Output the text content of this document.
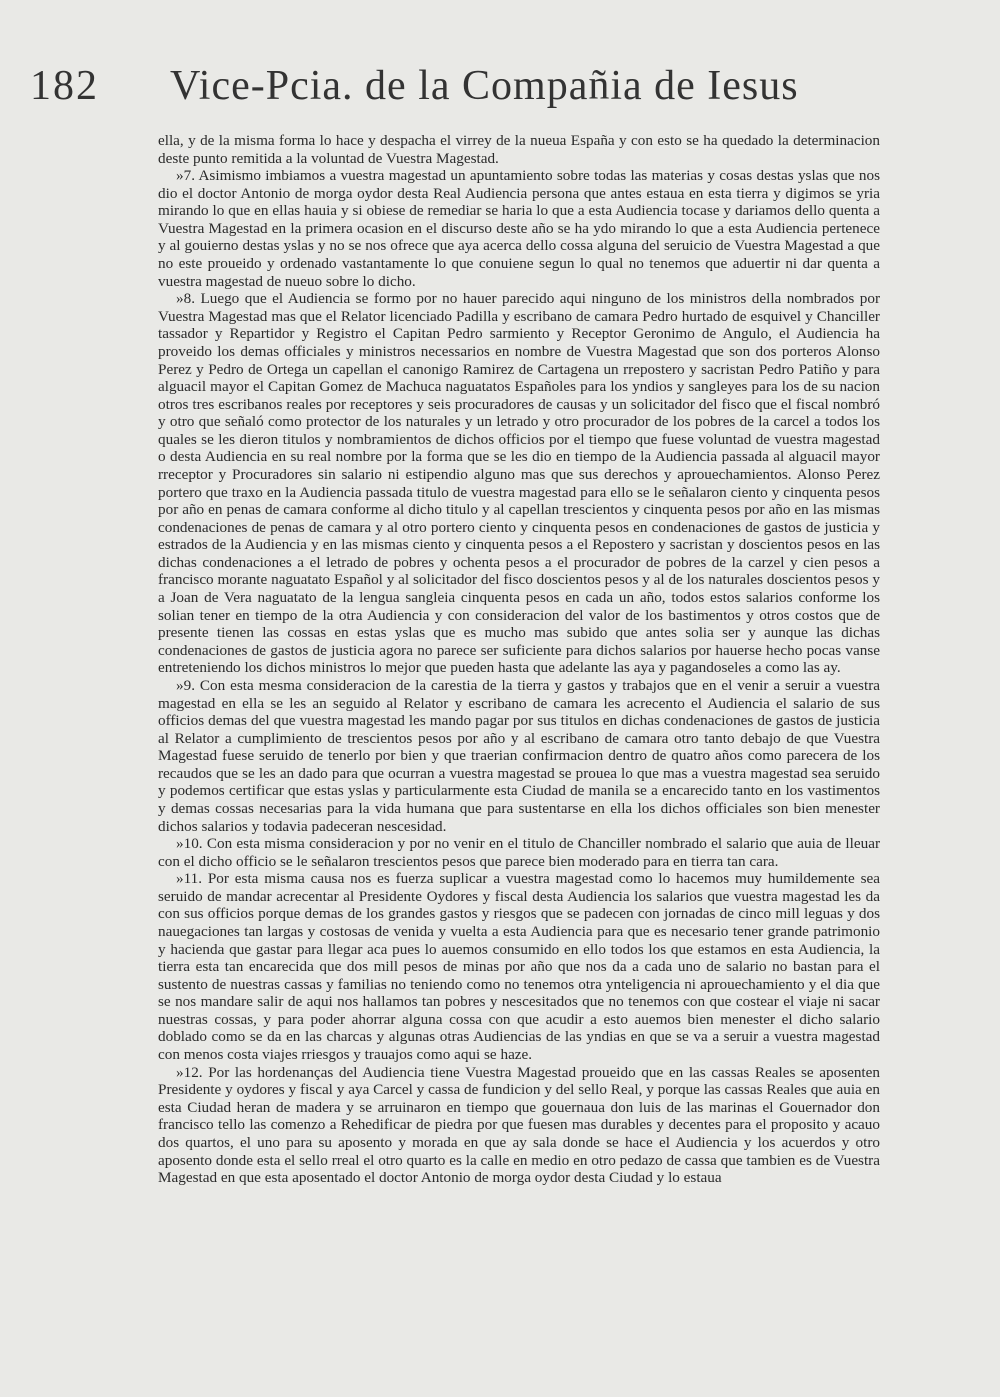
182 Vice-Pcia. de la Compañia de Iesus

ella, y de la misma forma lo hace y despacha el virrey de la nueua España y con esto se ha quedado la determinacion deste punto remitida a la voluntad de Vuestra Magestad.

»7. Asimismo imbiamos a vuestra magestad un apuntamiento sobre todas las materias y cosas destas yslas que nos dio el doctor Antonio de morga oydor desta Real Audiencia persona que antes estaua en esta tierra y digimos se yria mirando lo que en ellas hauia y si obiese de remediar se haria lo que a esta Audiencia tocase y dariamos dello quenta a Vuestra Magestad en la primera ocasion en el discurso deste año se ha ydo mirando lo que a esta Audiencia pertenece y al gouierno destas yslas y no se nos ofrece que aya acerca dello cossa alguna del seruicio de Vuestra Magestad a que no este proueido y ordenado vastantamente lo que conuiene segun lo qual no tenemos que aduertir ni dar quenta a vuestra magestad de nueuo sobre lo dicho.

»8. Luego que el Audiencia se formo por no hauer parecido aqui ninguno de los ministros della nombrados por Vuestra Magestad mas que el Relator licenciado Padilla y escribano de camara Pedro hurtado de esquivel y Chanciller tassador y Repartidor y Registro el Capitan Pedro sarmiento y Receptor Geronimo de Angulo, el Audiencia ha proveido los demas officiales y ministros necessarios en nombre de Vuestra Magestad que son dos porteros Alonso Perez y Pedro de Ortega un capellan el canonigo Ramirez de Cartagena un rrepostero y sacristan Pedro Patiño y para alguacil mayor el Capitan Gomez de Machuca naguatatos Españoles para los yndios y sangleyes para los de su nacion otros tres escribanos reales por receptores y seis procuradores de causas y un solicitador del fisco que el fiscal nombró y otro que señaló como protector de los naturales y un letrado y otro procurador de los pobres de la carcel a todos los quales se les dieron titulos y nombramientos de dichos officios por el tiempo que fuese voluntad de vuestra magestad o desta Audiencia en su real nombre por la forma que se les dio en tiempo de la Audiencia passada al alguacil mayor rreceptor y Procuradores sin salario ni estipendio alguno mas que sus derechos y aprouechamientos. Alonso Perez portero que traxo en la Audiencia passada titulo de vuestra magestad para ello se le señalaron ciento y cinquenta pesos por año en penas de camara conforme al dicho titulo y al capellan trescientos y cinquenta pesos por año en las mismas condenaciones de penas de camara y al otro portero ciento y cinquenta pesos en condenaciones de gastos de justicia y estrados de la Audiencia y en las mismas ciento y cinquenta pesos a el Repostero y sacristan y doscientos pesos en las dichas condenaciones a el letrado de pobres y ochenta pesos a el procurador de pobres de la carzel y cien pesos a francisco morante naguatato Español y al solicitador del fisco doscientos pesos y al de los naturales doscientos pesos y a Joan de Vera naguatato de la lengua sangleia cinquenta pesos en cada un año, todos estos salarios conforme los solian tener en tiempo de la otra Audiencia y con consideracion del valor de los bastimentos y otros costos que de presente tienen las cossas en estas yslas que es mucho mas subido que antes solia ser y aunque las dichas condenaciones de gastos de justicia agora no parece ser suficiente para dichos salarios por hauerse hecho pocas vanse entreteniendo los dichos ministros lo mejor que pueden hasta que adelante las aya y pagandoseles a como las ay.

»9. Con esta mesma consideracion de la carestia de la tierra y gastos y trabajos que en el venir a seruir a vuestra magestad en ella se les an seguido al Relator y escribano de camara les acrecento el Audiencia el salario de sus officios demas del que vuestra magestad les mando pagar por sus titulos en dichas condenaciones de gastos de justicia al Relator a cumplimiento de trescientos pesos por año y al escribano de camara otro tanto debajo de que Vuestra Magestad fuese seruido de tenerlo por bien y que traerian confirmacion dentro de quatro años como parecera de los recaudos que se les an dado para que ocurran a vuestra magestad se prouea lo que mas a vuestra magestad sea seruido y podemos certificar que estas yslas y particularmente esta Ciudad de manila se a encarecido tanto en los vastimentos y demas cossas necesarias para la vida humana que para sustentarse en ella los dichos officiales son bien menester dichos salarios y todavia padeceran nescesidad.

»10. Con esta misma consideracion y por no venir en el titulo de Chanciller nombrado el salario que auia de lleuar con el dicho officio se le señalaron trescientos pesos que parece bien moderado para en tierra tan cara.

»11. Por esta misma causa nos es fuerza suplicar a vuestra magestad como lo hacemos muy humildemente sea seruido de mandar acrecentar al Presidente Oydores y fiscal desta Audiencia los salarios que vuestra magestad les da con sus officios porque demas de los grandes gastos y riesgos que se padecen con jornadas de cinco mill leguas y dos nauegaciones tan largas y costosas de venida y vuelta a esta Audiencia para que es necesario tener grande patrimonio y hacienda que gastar para llegar aca pues lo auemos consumido en ello todos los que estamos en esta Audiencia, la tierra esta tan encarecida que dos mill pesos de minas por año que nos da a cada uno de salario no bastan para el sustento de nuestras cassas y familias no teniendo como no tenemos otra ynteligencia ni aprouechamiento y el dia que se nos mandare salir de aqui nos hallamos tan pobres y nescesitados que no tenemos con que costear el viaje ni sacar nuestras cossas, y para poder ahorrar alguna cossa con que acudir a esto auemos bien menester el dicho salario doblado como se da en las charcas y algunas otras Audiencias de las yndias en que se va a seruir a vuestra magestad con menos costa viajes rriesgos y trauajos como aqui se haze.

»12. Por las hordenanças del Audiencia tiene Vuestra Magestad proueido que en las cassas Reales se aposenten Presidente y oydores y fiscal y aya Carcel y cassa de fundicion y del sello Real, y porque las cassas Reales que auia en esta Ciudad heran de madera y se arruinaron en tiempo que gouernaua don luis de las marinas el Gouernador don francisco tello las comenzo a Rehedificar de piedra por que fuesen mas durables y decentes para el proposito y acauo dos quartos, el uno para su aposento y morada en que ay sala donde se hace el Audiencia y los acuerdos y otro aposento donde esta el sello rreal el otro quarto es la calle en medio en otro pedazo de cassa que tambien es de Vuestra Magestad en que esta aposentado el doctor Antonio de morga oydor desta Ciudad y lo estaua
